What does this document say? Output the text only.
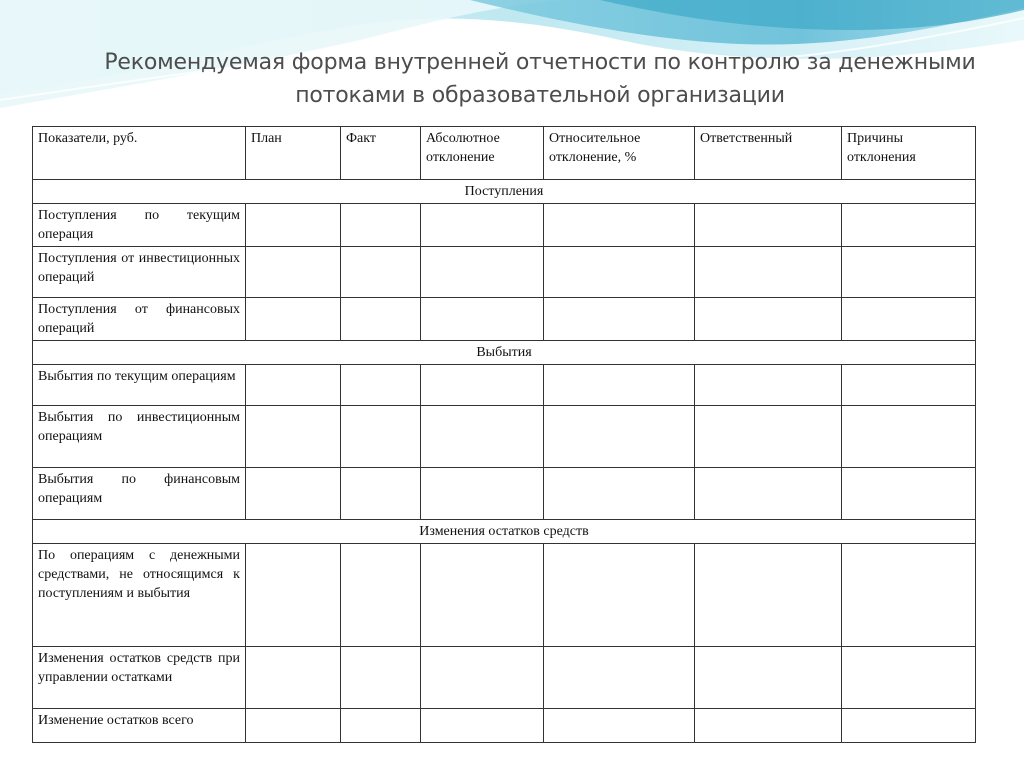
Рекомендуемая форма внутренней отчетности по контролю за денежными
потоками в образовательной организации
Показатели, руб.	План	Факт	Абсолютное отклонение	Относительное отклонение, %	Ответственный	Причины отклонения
Поступления						
Поступления по текущим операция						
Поступления от инвестиционных операций						
Поступления от финансовых операций						
Выбытия						
Выбытия по текущим операциям						
Выбытия по инвестиционным операциям						
Выбытия по финансовым операциям						
Изменения остатков средств						
По операциям с денежными средствами, не относящимся к поступлениям и выбытия						
Изменения остатков средств при управлении остатками						
Изменение остатков всего						
